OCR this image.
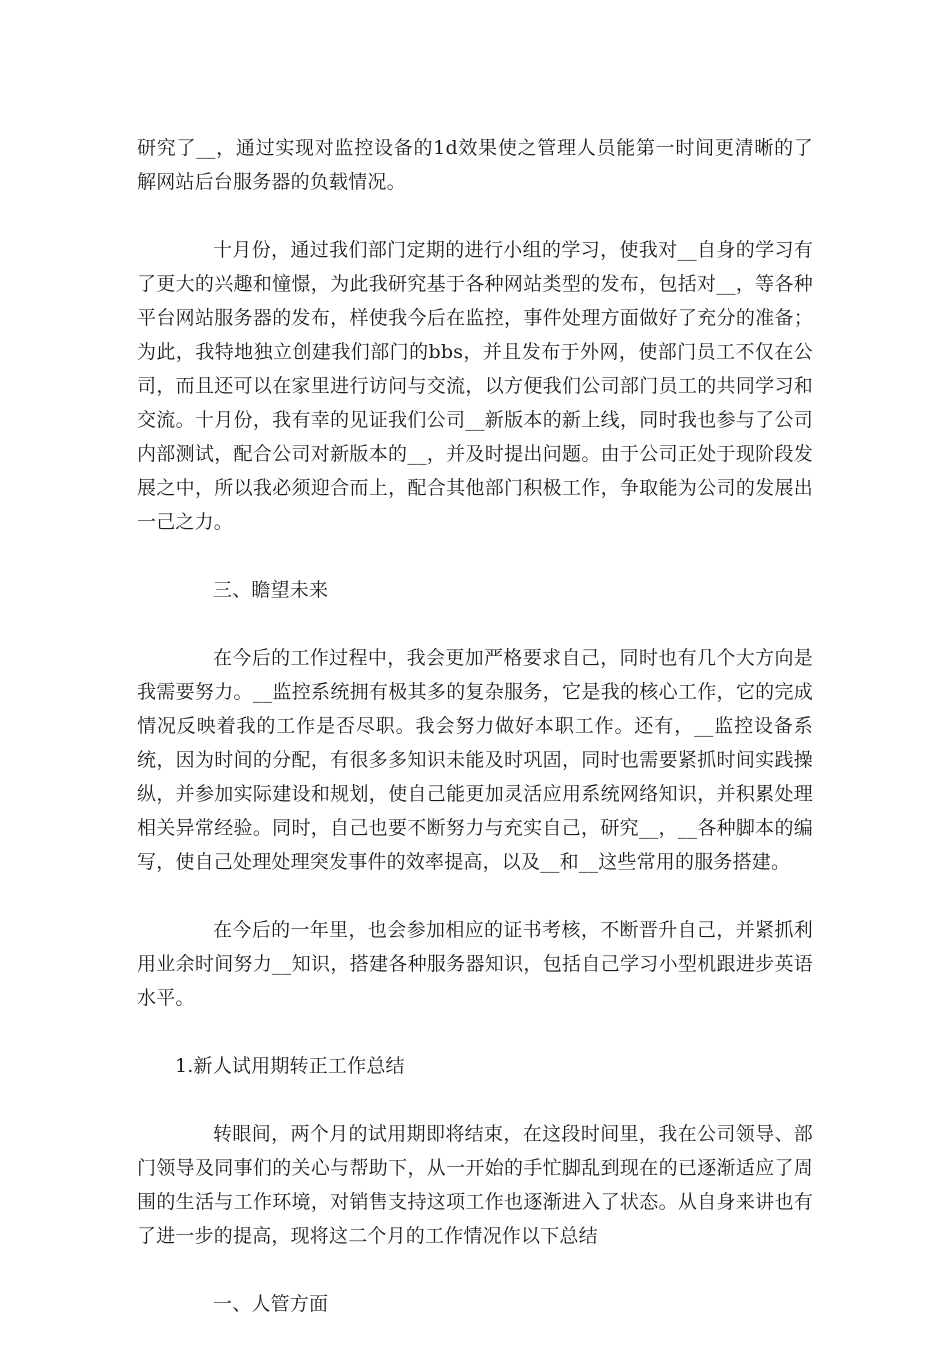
研究了__，通过实现对监控设备的1d效果使之管理人员能第一时间更清晰的了解网站后台服务器的负载情况。

十月份，通过我们部门定期的进行小组的学习，使我对__自身的学习有了更大的兴趣和憧憬，为此我研究基于各种网站类型的发布，包括对__，等各种平台网站服务器的发布，样使我今后在监控，事件处理方面做好了充分的准备；为此，我特地独立创建我们部门的bbs，并且发布于外网，使部门员工不仅在公司，而且还可以在家里进行访问与交流，以方便我们公司部门员工的共同学习和交流。十月份，我有幸的见证我们公司__新版本的新上线，同时我也参与了公司内部测试，配合公司对新版本的__，并及时提出问题。由于公司正处于现阶段发展之中，所以我必须迎合而上，配合其他部门积极工作，争取能为公司的发展出一己之力。

三、瞻望未来

在今后的工作过程中，我会更加严格要求自己，同时也有几个大方向是我需要努力。__监控系统拥有极其多的复杂服务，它是我的核心工作，它的完成情况反映着我的工作是否尽职。我会努力做好本职工作。还有，__监控设备系统，因为时间的分配，有很多多知识未能及时巩固，同时也需要紧抓时间实践操纵，并参加实际建设和规划，使自己能更加灵活应用系统网络知识，并积累处理相关异常经验。同时，自己也要不断努力与充实自己，研究__，__各种脚本的编写，使自己处理处理突发事件的效率提高，以及__和__这些常用的服务搭建。

在今后的一年里，也会参加相应的证书考核，不断晋升自己，并紧抓利用业余时间努力__知识，搭建各种服务器知识，包括自己学习小型机跟进步英语水平。

1.新人试用期转正工作总结

转眼间，两个月的试用期即将结束，在这段时间里，我在公司领导、部门领导及同事们的关心与帮助下，从一开始的手忙脚乱到现在的已逐渐适应了周围的生活与工作环境，对销售支持这项工作也逐渐进入了状态。从自身来讲也有了进一步的提高，现将这二个月的工作情况作以下总结

一、人管方面
